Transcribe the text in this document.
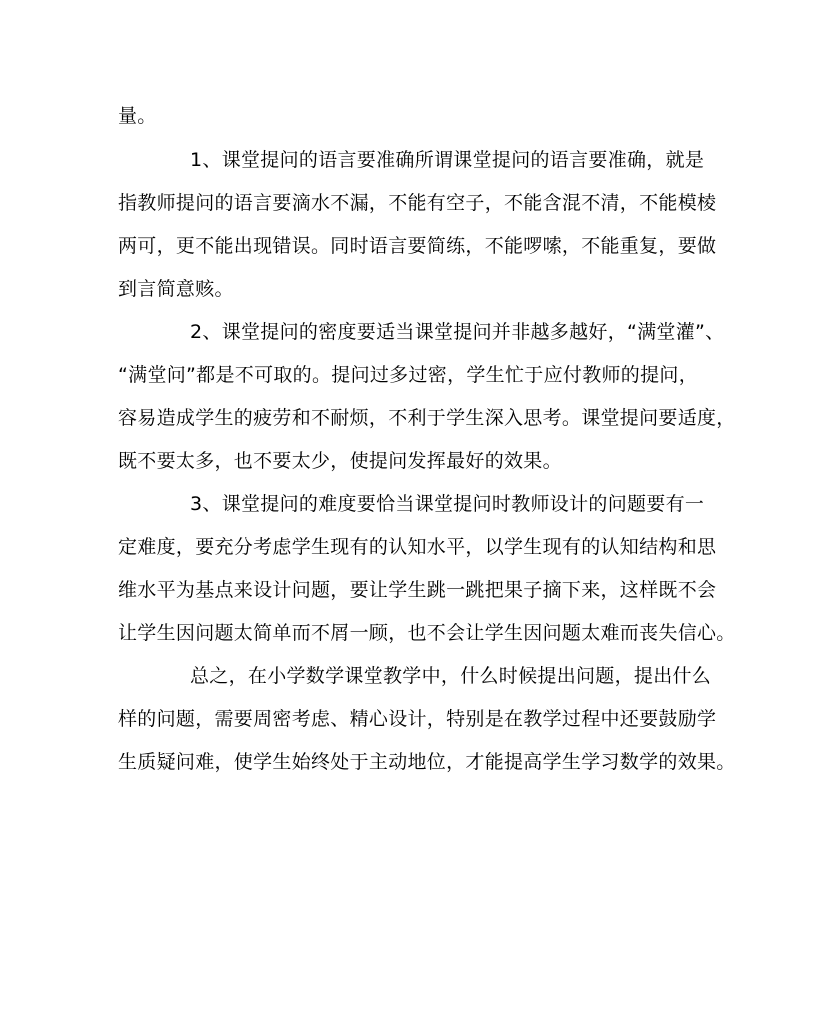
量。
1、课堂提问的语言要准确所谓课堂提问的语言要准确，就是
指教师提问的语言要滴水不漏，不能有空子，不能含混不清，不能模棱
两可，更不能出现错误。同时语言要简练，不能啰嗦，不能重复，要做
到言简意赅。
2、课堂提问的密度要适当课堂提问并非越多越好，“满堂灌”、
“满堂问”都是不可取的。提问过多过密，学生忙于应付教师的提问，
容易造成学生的疲劳和不耐烦，不利于学生深入思考。课堂提问要适度，
既不要太多，也不要太少，使提问发挥最好的效果。
3、课堂提问的难度要恰当课堂提问时教师设计的问题要有一
定难度，要充分考虑学生现有的认知水平，以学生现有的认知结构和思
维水平为基点来设计问题，要让学生跳一跳把果子摘下来，这样既不会
让学生因问题太简单而不屑一顾，也不会让学生因问题太难而丧失信心。
总之，在小学数学课堂教学中，什么时候提出问题，提出什么
样的问题，需要周密考虑、精心设计，特别是在教学过程中还要鼓励学
生质疑问难，使学生始终处于主动地位，才能提高学生学习数学的效果。
